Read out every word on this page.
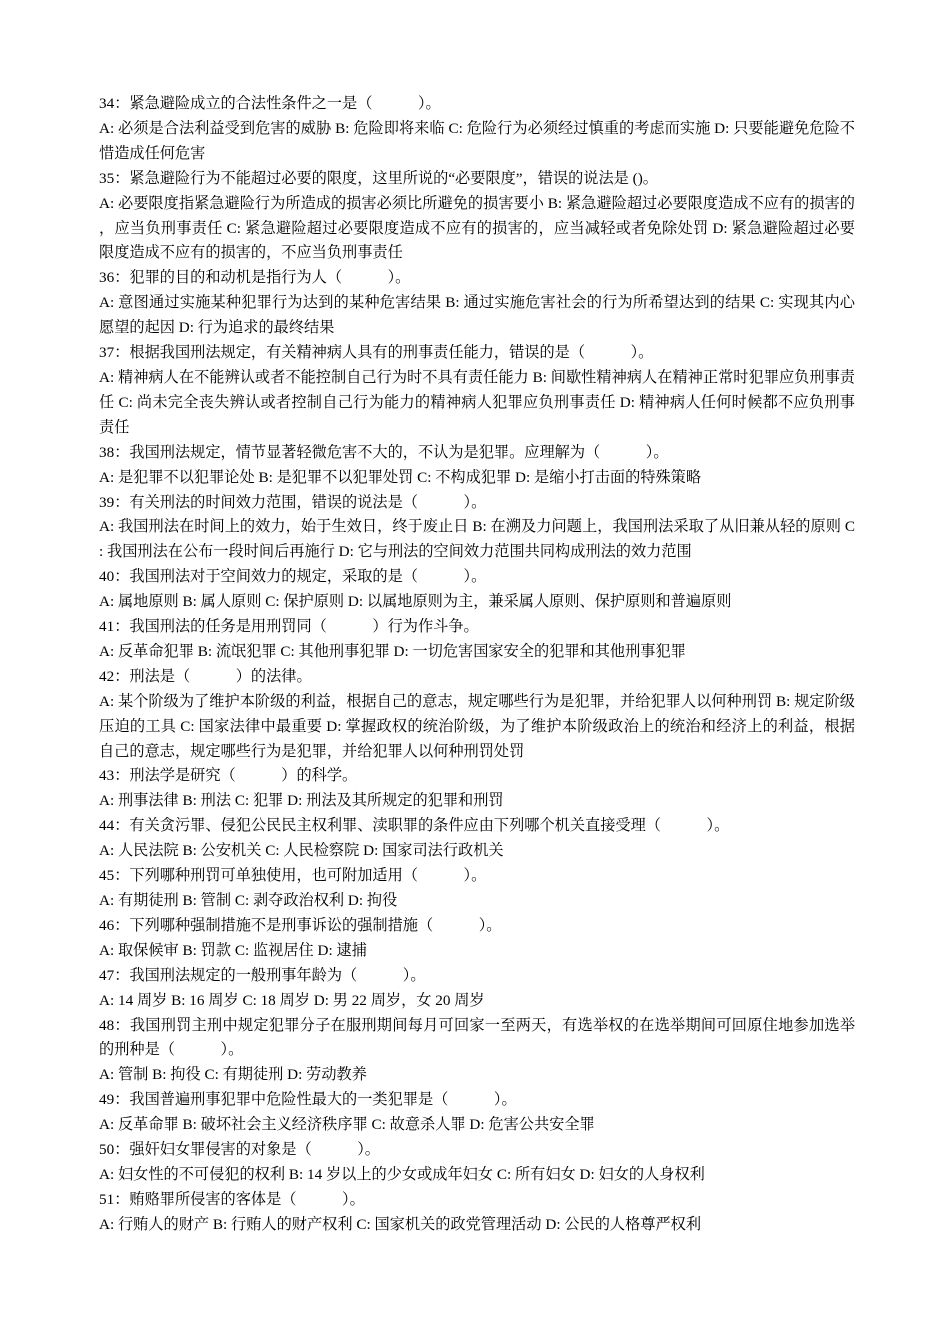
34：紧急避险成立的合法性条件之一是（　　　）。

A: 必须是合法利益受到危害的威胁 B: 危险即将来临 C: 危险行为必须经过慎重的考虑而实施 D: 只要能避免危险不惜造成任何危害

35：紧急避险行为不能超过必要的限度，这里所说的“必要限度”，错误的说法是 ()。

A: 必要限度指紧急避险行为所造成的损害必须比所避免的损害要小 B: 紧急避险超过必要限度造成不应有的损害的，应当负刑事责任 C: 紧急避险超过必要限度造成不应有的损害的，应当减轻或者免除处罚 D: 紧急避险超过必要限度造成不应有的损害的，不应当负刑事责任

36：犯罪的目的和动机是指行为人（　　　）。

A: 意图通过实施某种犯罪行为达到的某种危害结果 B: 通过实施危害社会的行为所希望达到的结果 C: 实现其内心愿望的起因 D: 行为追求的最终结果

37：根据我国刑法规定，有关精神病人具有的刑事责任能力，错误的是（　　　）。

A: 精神病人在不能辨认或者不能控制自己行为时不具有责任能力 B: 间歇性精神病人在精神正常时犯罪应负刑事责任 C: 尚未完全丧失辨认或者控制自己行为能力的精神病人犯罪应负刑事责任 D: 精神病人任何时候都不应负刑事责任

38：我国刑法规定，情节显著轻微危害不大的，不认为是犯罪。应理解为（　　　）。

A: 是犯罪不以犯罪论处 B: 是犯罪不以犯罪处罚 C: 不构成犯罪 D: 是缩小打击面的特殊策略

39：有关刑法的时间效力范围，错误的说法是（　　　）。

A: 我国刑法在时间上的效力，始于生效日，终于废止日 B: 在溯及力问题上，我国刑法采取了从旧兼从轻的原则 C: 我国刑法在公布一段时间后再施行 D: 它与刑法的空间效力范围共同构成刑法的效力范围

40：我国刑法对于空间效力的规定，采取的是（　　　）。

A: 属地原则 B: 属人原则 C: 保护原则 D: 以属地原则为主，兼采属人原则、保护原则和普遍原则

41：我国刑法的任务是用刑罚同（　　　）行为作斗争。

A: 反革命犯罪 B: 流氓犯罪 C: 其他刑事犯罪 D: 一切危害国家安全的犯罪和其他刑事犯罪

42：刑法是（　　　）的法律。

A: 某个阶级为了维护本阶级的利益，根据自己的意志，规定哪些行为是犯罪，并给犯罪人以何种刑罚 B: 规定阶级压迫的工具 C: 国家法律中最重要 D: 掌握政权的统治阶级，为了维护本阶级政治上的统治和经济上的利益，根据自己的意志，规定哪些行为是犯罪，并给犯罪人以何种刑罚处罚

43：刑法学是研究（　　　）的科学。

A: 刑事法律 B: 刑法 C: 犯罪 D: 刑法及其所规定的犯罪和刑罚

44：有关贪污罪、侵犯公民民主权利罪、渎职罪的条件应由下列哪个机关直接受理（　　　）。

A: 人民法院 B: 公安机关 C: 人民检察院 D: 国家司法行政机关

45：下列哪种刑罚可单独使用，也可附加适用（　　　）。

A: 有期徒刑 B: 管制 C: 剥夺政治权利 D: 拘役

46：下列哪种强制措施不是刑事诉讼的强制措施（　　　）。

A: 取保候审 B: 罚款 C: 监视居住 D: 逮捕

47：我国刑法规定的一般刑事年龄为（　　　）。

A: 14 周岁 B: 16 周岁 C: 18 周岁 D: 男 22 周岁，女 20 周岁

48：我国刑罚主刑中规定犯罪分子在服刑期间每月可回家一至两天，有选举权的在选举期间可回原住地参加选举的刑种是（　　　）。

A: 管制 B: 拘役 C: 有期徒刑 D: 劳动教养

49：我国普遍刑事犯罪中危险性最大的一类犯罪是（　　　）。

A: 反革命罪 B: 破坏社会主义经济秩序罪 C: 故意杀人罪 D: 危害公共安全罪

50：强奸妇女罪侵害的对象是（　　　）。

A: 妇女性的不可侵犯的权利 B: 14 岁以上的少女或成年妇女 C: 所有妇女 D: 妇女的人身权利

51：贿赂罪所侵害的客体是（　　　）。

A: 行贿人的财产 B: 行贿人的财产权利 C: 国家机关的政党管理活动 D: 公民的人格尊严权利
